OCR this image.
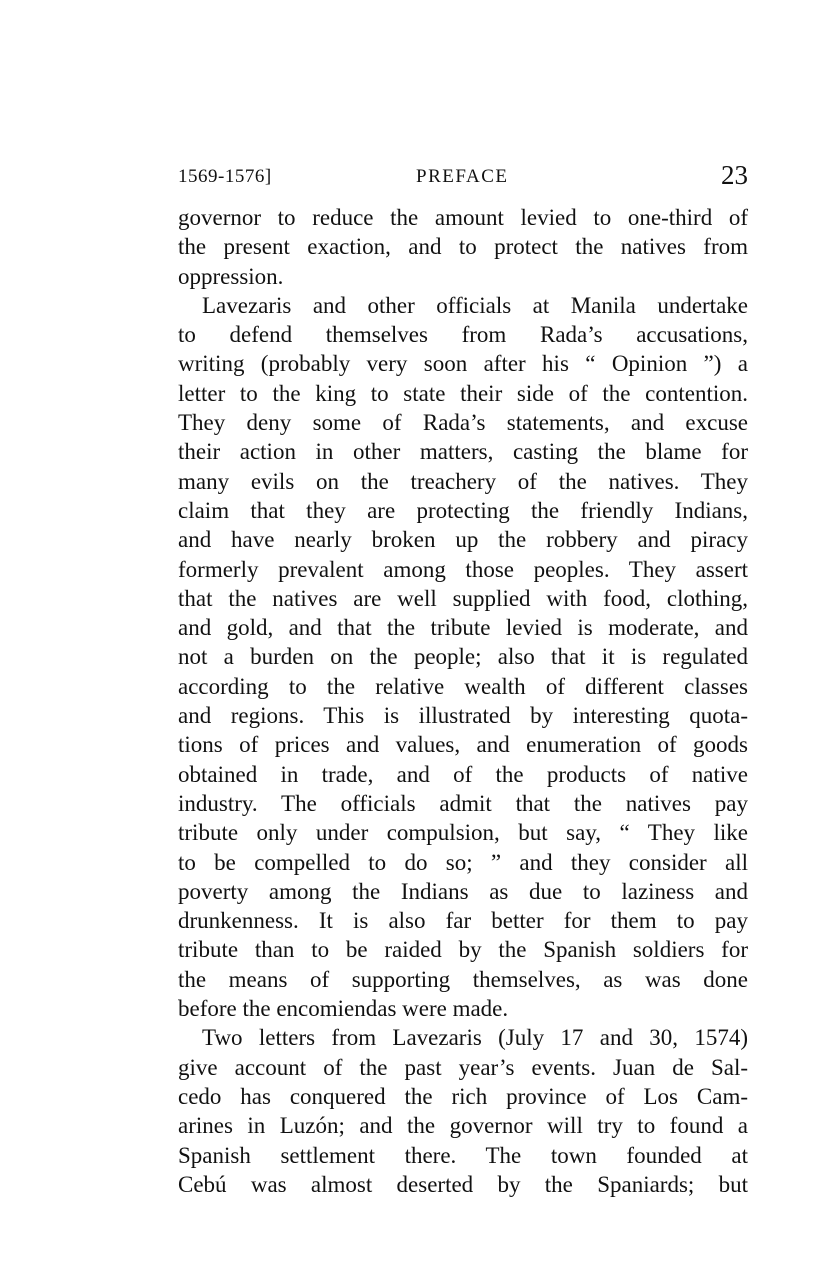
1569-1576]	PREFACE	23
governor to reduce the amount levied to one-third of
the present exaction, and to protect the natives from
oppression.
Lavezaris and other officials at Manila undertake
to defend themselves from Rada’s accusations,
writing (probably very soon after his “ Opinion ”) a
letter to the king to state their side of the contention.
They deny some of Rada’s statements, and excuse
their action in other matters, casting the blame for
many evils on the treachery of the natives. They
claim that they are protecting the friendly Indians,
and have nearly broken up the robbery and piracy
formerly prevalent among those peoples. They assert
that the natives are well supplied with food, clothing,
and gold, and that the tribute levied is moderate, and
not a burden on the people; also that it is regulated
according to the relative wealth of different classes
and regions. This is illustrated by interesting quota-
tions of prices and values, and enumeration of goods
obtained in trade, and of the products of native
industry. The officials admit that the natives pay
tribute only under compulsion, but say, “ They like
to be compelled to do so; ” and they consider all
poverty among the Indians as due to laziness and
drunkenness. It is also far better for them to pay
tribute than to be raided by the Spanish soldiers for
the means of supporting themselves, as was done
before the encomiendas were made.
Two letters from Lavezaris (July 17 and 30, 1574)
give account of the past year’s events. Juan de Sal-
cedo has conquered the rich province of Los Cam-
arines in Luzón; and the governor will try to found a
Spanish settlement there. The town founded at
Cebú was almost deserted by the Spaniards; but
